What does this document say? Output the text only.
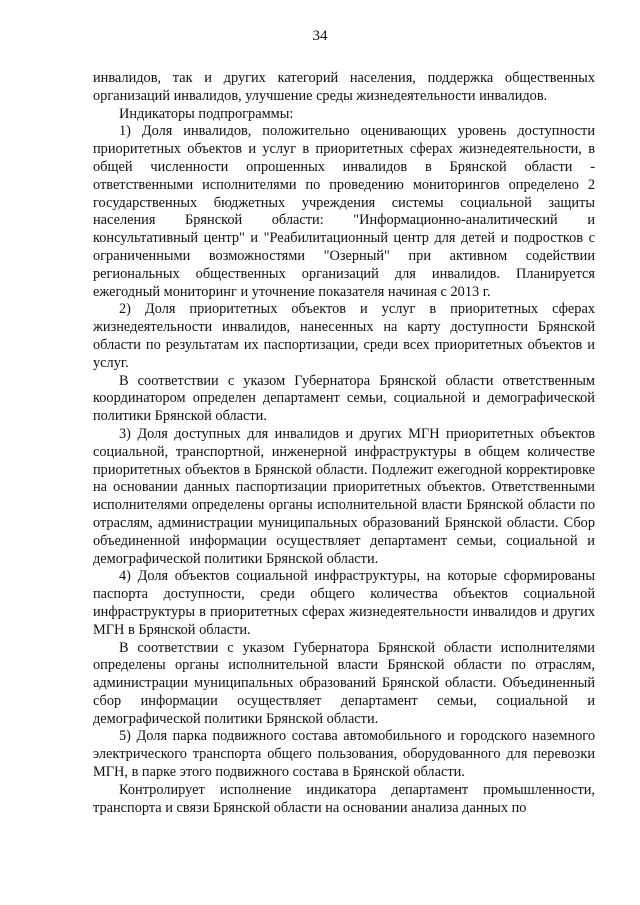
34

инвалидов, так и других категорий населения, поддержка общественных организаций инвалидов, улучшение среды жизнедеятельности инвалидов.

Индикаторы подпрограммы:

1) Доля инвалидов, положительно оценивающих уровень доступности приоритетных объектов и услуг в приоритетных сферах жизнедеятельности, в общей численности опрошенных инвалидов в Брянской области - ответственными исполнителями по проведению мониторингов определено 2 государственных бюджетных учреждения системы социальной защиты населения Брянской области: "Информационно-аналитический и консультативный центр" и "Реабилитационный центр для детей и подростков с ограниченными возможностями "Озерный" при активном содействии региональных общественных организаций для инвалидов. Планируется ежегодный мониторинг и уточнение показателя начиная с 2013 г.

2) Доля приоритетных объектов и услуг в приоритетных сферах жизнедеятельности инвалидов, нанесенных на карту доступности Брянской области по результатам их паспортизации, среди всех приоритетных объектов и услуг.

В соответствии с указом Губернатора Брянской области ответственным координатором определен департамент семьи, социальной и демографической политики Брянской области.

3) Доля доступных для инвалидов и других МГН приоритетных объектов социальной, транспортной, инженерной инфраструктуры в общем количестве приоритетных объектов в Брянской области. Подлежит ежегодной корректировке на основании данных паспортизации приоритетных объектов. Ответственными исполнителями определены органы исполнительной власти Брянской области по отраслям, администрации муниципальных образований Брянской области. Сбор объединенной информации осуществляет департамент семьи, социальной и демографической политики Брянской области.

4) Доля объектов социальной инфраструктуры, на которые сформированы паспорта доступности, среди общего количества объектов социальной инфраструктуры в приоритетных сферах жизнедеятельности инвалидов и других МГН в Брянской области.

В соответствии с указом Губернатора Брянской области исполнителями определены органы исполнительной власти Брянской области по отраслям, администрации муниципальных образований Брянской области. Объединенный сбор информации осуществляет департамент семьи, социальной и демографической политики Брянской области.

5) Доля парка подвижного состава автомобильного и городского наземного электрического транспорта общего пользования, оборудованного для перевозки МГН, в парке этого подвижного состава в Брянской области.

Контролирует исполнение индикатора департамент промышленности, транспорта и связи Брянской области на основании анализа данных по
